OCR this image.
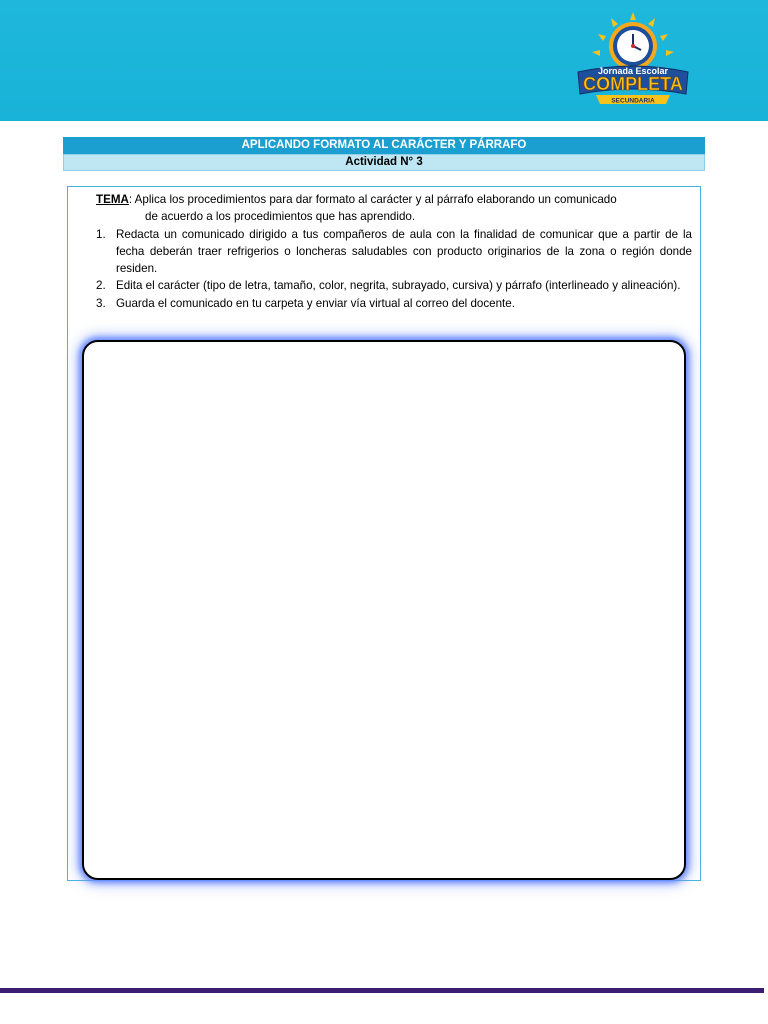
Jornada Escolar
COMPLETA
SECUNDARIA
APLICANDO FORMATO AL CARÁCTER Y PÁRRAFO
Actividad N° 3
TEMA: Aplica los procedimientos para dar formato al carácter y al párrafo elaborando un comunicado
de acuerdo a los procedimientos que has aprendido.
1. Redacta un comunicado dirigido a tus compañeros de aula con la finalidad de comunicar que a partir de la fecha deberán traer refrigerios o loncheras saludables con producto originarios de la zona o región donde residen.
2. Edita el carácter (tipo de letra, tamaño, color, negrita, subrayado, cursiva) y párrafo (interlineado y alineación).
3. Guarda el comunicado en tu carpeta y enviar vía virtual al correo del docente.
